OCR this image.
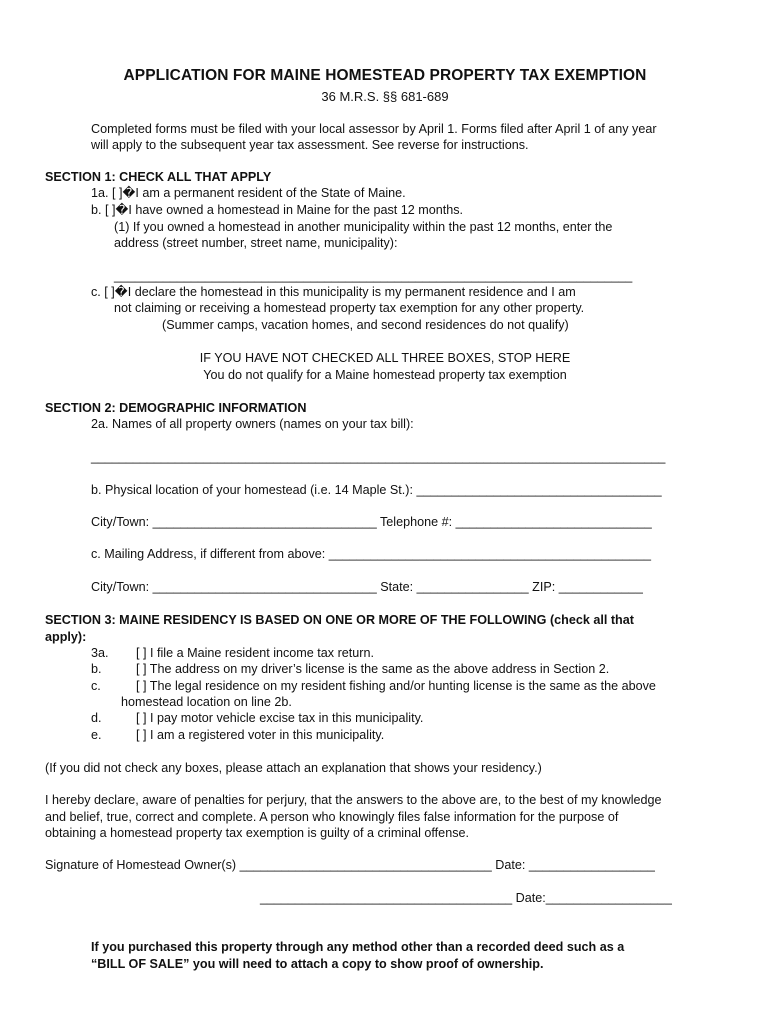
APPLICATION FOR MAINE HOMESTEAD PROPERTY TAX EXEMPTION
36 M.R.S. §§ 681-689
Completed forms must be filed with your local assessor by April 1. Forms filed after April 1 of any year
will apply to the subsequent year tax assessment. See reverse for instructions.
SECTION 1: CHECK ALL THAT APPLY
1a. [ ]�I am a permanent resident of the State of Maine.
b. [ ]�I have owned a homestead in Maine for the past 12 months.
(1) If you owned a homestead in another municipality within the past 12 months, enter the
address (street number, street name, municipality):
__________________________________________________________________________
c. [ ]�I declare the homestead in this municipality is my permanent residence and I am
not claiming or receiving a homestead property tax exemption for any other property.
(Summer camps, vacation homes, and second residences do not qualify)
IF YOU HAVE NOT CHECKED ALL THREE BOXES, STOP HERE
You do not qualify for a Maine homestead property tax exemption
SECTION 2: DEMOGRAPHIC INFORMATION
2a. Names of all property owners (names on your tax bill):
__________________________________________________________________________________
b. Physical location of your homestead (i.e. 14 Maple St.): ___________________________________
City/Town: ________________________________ Telephone #: ____________________________
c. Mailing Address, if different from above: ______________________________________________
City/Town: ________________________________ State: ________________ ZIP: ____________
SECTION 3: MAINE RESIDENCY IS BASED ON ONE OR MORE OF THE FOLLOWING (check all that
apply):
3a. [ ] I file a Maine resident income tax return.
b.	[ ] The address on my driver’s license is the same as the above address in Section 2.
c.	[ ] The legal residence on my resident fishing and/or hunting license is the same as the above
homestead location on line 2b.
d.	[ ] I pay motor vehicle excise tax in this municipality.
e.	[ ] I am a registered voter in this municipality.
(If you did not check any boxes, please attach an explanation that shows your residency.)
I hereby declare, aware of penalties for perjury, that the answers to the above are, to the best of my knowledge
and belief, true, correct and complete. A person who knowingly files false information for the purpose of
obtaining a homestead property tax exemption is guilty of a criminal offense.
Signature of Homestead Owner(s) ____________________________________ Date: __________________
____________________________________ Date:__________________
If you purchased this property through any method other than a recorded deed such as a
“BILL OF SALE” you will need to attach a copy to show proof of ownership.
